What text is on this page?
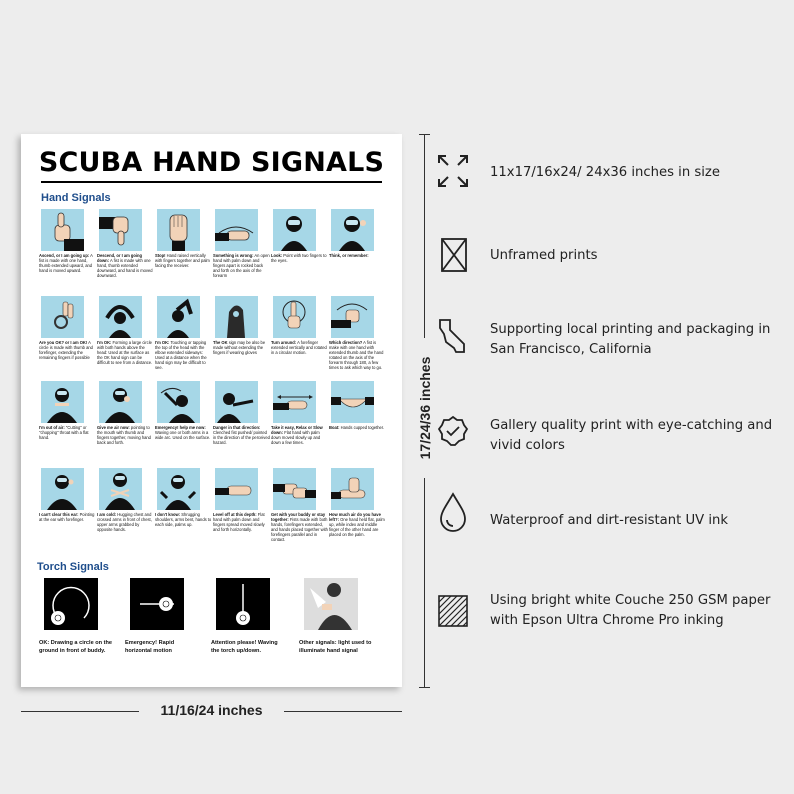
SCUBA HAND SIGNALS
Hand Signals
Ascend, or I am going up: A fist is made with one hand, thumb extended upward, and hand is moved upward.
Descend, or I am going down: A fist is made with one hand, thumb extended downward, and hand is moved downward.
Stop! Hand raised vertically with fingers together and palm facing the receiver.
Something is wrong: An open hand with palm down and fingers apart is rocked back and forth on the axis of the forearm
Look: Point with two fingers to the eyes.
Think, or remember:
Are you OK? or I am OK! A circle is made with thumb and forefinger, extending the remaining fingers if possible
I'm OK: Forming a large circle with both hands above the head: Used at the surface as the OK hand sign can be difficult to see from a distance.
I'm OK: Touching or tapping the top of the head with the elbow extended sideways: Used at a distance when the hand sign may be difficult to see.
The OK sign may be also be made without extending the fingers if wearing gloves
Turn around: A forefinger extended vertically and rotated in a circular motion.
Which direction? A fist is make with one hand with extended thumb and the hand rotated on the axis of the forearm through 180, a few times to ask which way to go.
I'm out of air: "Cutting" or "chopping" throat with a flat hand.
Give me air now: pointing to the mouth with thumb and fingers together, moving hand back and forth.
Emergency! help me now: Waving one or both arms in a wide arc. Used on the surface.
Danger in that direction: Clenched fist pushed/ pointed in the direction of the perceived hazard.
Take it easy, Relax or Slow down: Flat hand with palm down moved slowly up and down a few times.
Boat: Hands cupped together.
I can't clear this ear: Pointing at the ear with forefinger.
I am cold: Hugging chest and crossed arms in front of chest, upper arms grabbed by opposite hands.
I don't know: Shrugging shoulders, arms bent, hands to each side, palms up.
Level off at this depth: Flat hand with palm down and fingers spread moved slowly and forth horizontally.
Get with your buddy or stay together: Fists made with both hands, forefingers extended, and hands placed together with forefingers parallel and in contact.
How much air do you have left?: One hand held flat, palm up, while index and middle finger of the other hand are placed on the palm.
Torch Signals
OK: Drawing a circle on the ground in front of buddy.
Emergency! Rapid horizontal motion
Attention please! Waving the torch up/down.
Other signals: light used to illuminate hand signal
17/24/36 inches
11/16/24 inches
11x17/16x24/ 24x36 inches in size
Unframed prints
Supporting local printing and packaging in San Francisco, California
Gallery quality print with eye-catching and vivid colors
Waterproof and dirt-resistant UV ink
Using bright white Couche 250 GSM paper with Epson Ultra Chrome Pro inking
